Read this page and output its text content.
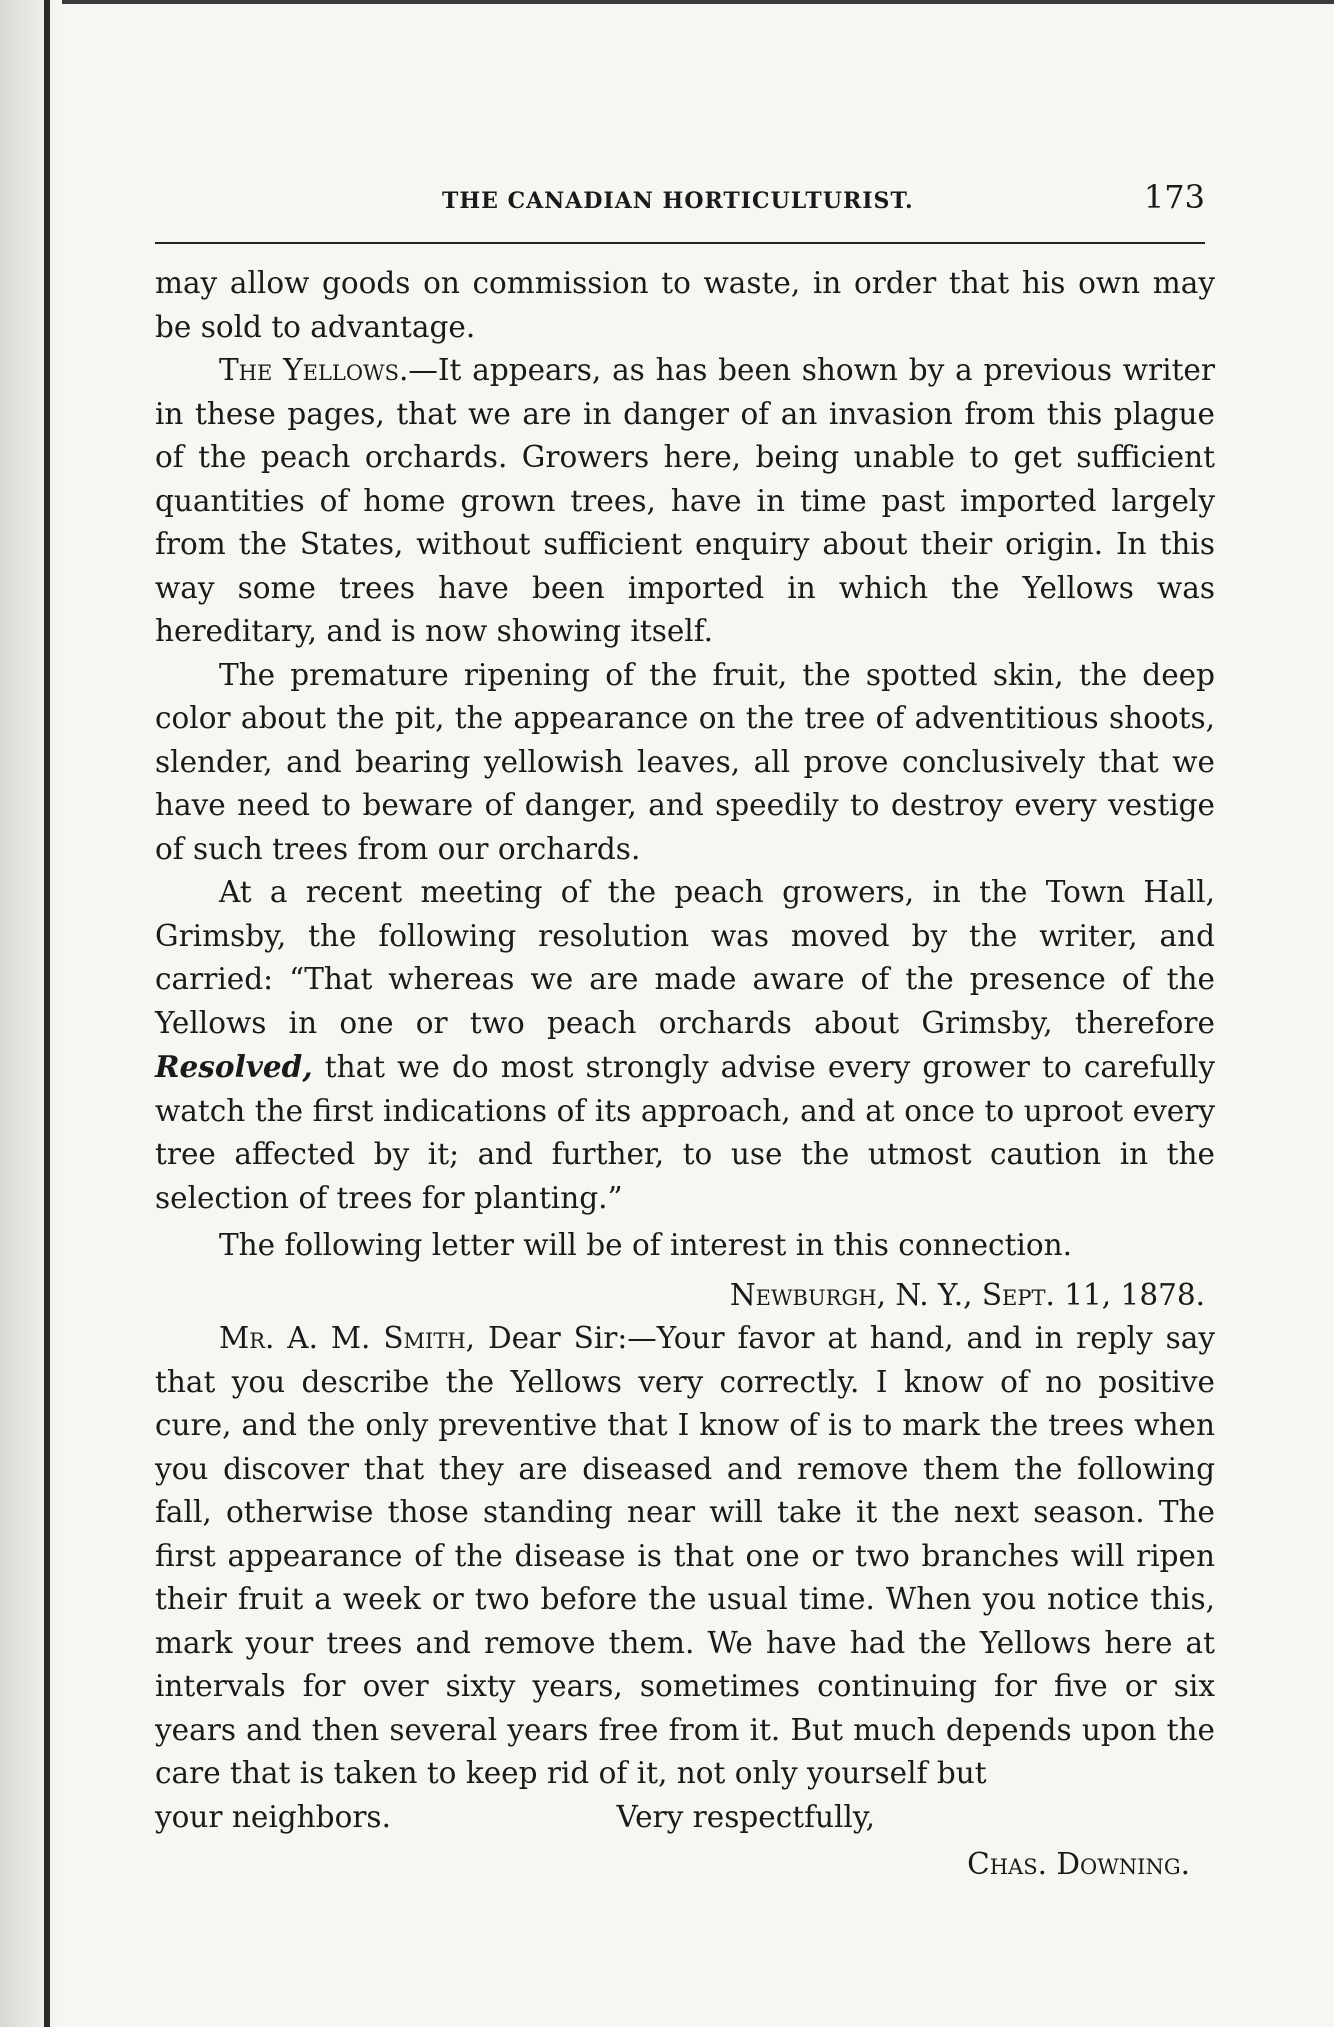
THE CANADIAN HORTICULTURIST.	173

may allow goods on commission to waste, in order that his own may be sold to advantage.

The Yellows.—It appears, as has been shown by a previous writer in these pages, that we are in danger of an invasion from this plague of the peach orchards. Growers here, being unable to get sufficient quantities of home grown trees, have in time past imported largely from the States, without sufficient enquiry about their origin. In this way some trees have been imported in which the Yellows was hereditary, and is now showing itself.

The premature ripening of the fruit, the spotted skin, the deep color about the pit, the appearance on the tree of adventitious shoots, slender, and bearing yellowish leaves, all prove conclusively that we have need to beware of danger, and speedily to destroy every vestige of such trees from our orchards.

At a recent meeting of the peach growers, in the Town Hall, Grimsby, the following resolution was moved by the writer, and carried: “That whereas we are made aware of the presence of the Yellows in one or two peach orchards about Grimsby, therefore Resolved, that we do most strongly advise every grower to carefully watch the first indications of its approach, and at once to uproot every tree affected by it; and further, to use the utmost caution in the selection of trees for planting.”

The following letter will be of interest in this connection.

Newburgh, N. Y., Sept. 11, 1878.

Mr. A. M. Smith, Dear Sir:—Your favor at hand, and in reply say that you describe the Yellows very correctly. I know of no positive cure, and the only preventive that I know of is to mark the trees when you discover that they are diseased and remove them the following fall, otherwise those standing near will take it the next season. The first appearance of the disease is that one or two branches will ripen their fruit a week or two before the usual time. When you notice this, mark your trees and remove them. We have had the Yellows here at intervals for over sixty years, sometimes continuing for five or six years and then several years free from it. But much depends upon the care that is taken to keep rid of it, not only yourself but

your neighbors.	Very respectfully,

Chas. Downing.
